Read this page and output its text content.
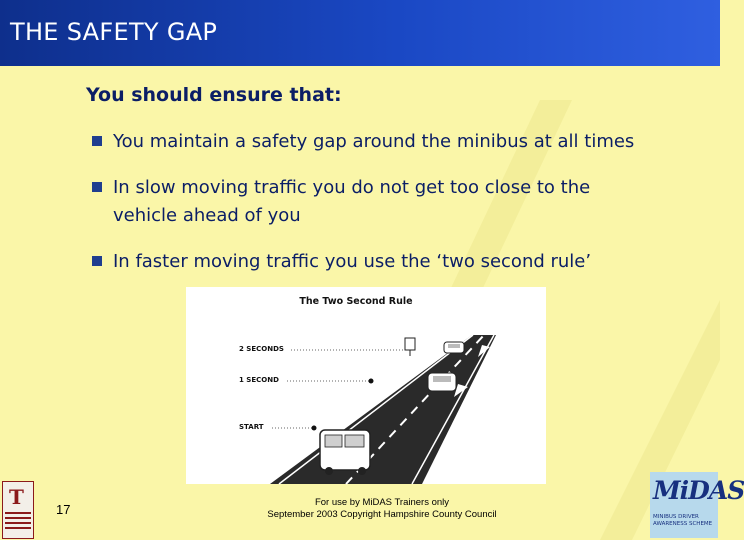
THE SAFETY GAP
You should ensure that:
You maintain a safety gap around the minibus at all times
In slow moving traffic you do not get too close to the vehicle ahead of you
In faster moving traffic you use the ‘two second rule’
The Two Second Rule
2 SECONDS
1 SECOND
START
T
17	For use by MiDAS Trainers only
September 2003 Copyright Hampshire County Council
MiDAS
MINIBUS DRIVER AWARENESS SCHEME
